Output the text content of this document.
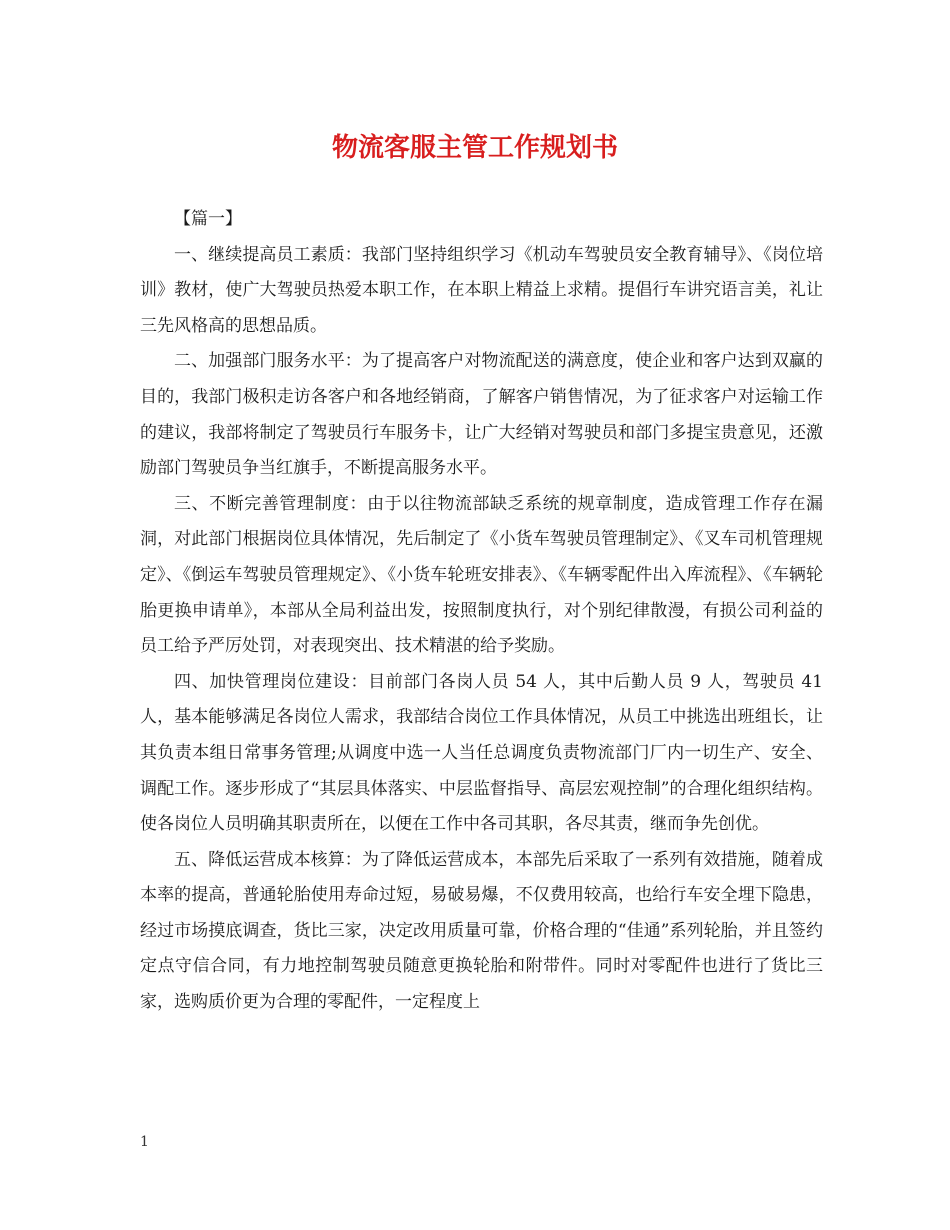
物流客服主管工作规划书
【篇一】

一、继续提高员工素质：我部门坚持组织学习《机动车驾驶员安全教育辅导》、《岗位培训》教材，使广大驾驶员热爱本职工作，在本职上精益上求精。提倡行车讲究语言美，礼让三先风格高的思想品质。

二、加强部门服务水平：为了提高客户对物流配送的满意度，使企业和客户达到双赢的目的，我部门极积走访各客户和各地经销商，了解客户销售情况，为了征求客户对运输工作的建议，我部将制定了驾驶员行车服务卡，让广大经销对驾驶员和部门多提宝贵意见，还激励部门驾驶员争当红旗手，不断提高服务水平。

三、不断完善管理制度：由于以往物流部缺乏系统的规章制度，造成管理工作存在漏洞，对此部门根据岗位具体情况，先后制定了《小货车驾驶员管理制定》、《叉车司机管理规定》、《倒运车驾驶员管理规定》、《小货车轮班安排表》、《车辆零配件出入库流程》、《车辆轮胎更换申请单》，本部从全局利益出发，按照制度执行，对个别纪律散漫，有损公司利益的员工给予严厉处罚，对表现突出、技术精湛的给予奖励。

四、加快管理岗位建设：目前部门各岗人员 54 人，其中后勤人员 9 人，驾驶员 41 人，基本能够满足各岗位人需求，我部结合岗位工作具体情况，从员工中挑选出班组长，让其负责本组日常事务管理;从调度中选一人当任总调度负责物流部门厂内一切生产、安全、调配工作。逐步形成了“其层具体落实、中层监督指导、高层宏观控制”的合理化组织结构。使各岗位人员明确其职责所在，以便在工作中各司其职，各尽其责，继而争先创优。

五、降低运营成本核算：为了降低运营成本，本部先后采取了一系列有效措施，随着成本率的提高，普通轮胎使用寿命过短，易破易爆，不仅费用较高，也给行车安全埋下隐患，经过市场摸底调查，货比三家，决定改用质量可靠，价格合理的“佳通”系列轮胎，并且签约定点守信合同，有力地控制驾驶员随意更换轮胎和附带件。同时对零配件也进行了货比三家，选购质价更为合理的零配件，一定程度上

1
